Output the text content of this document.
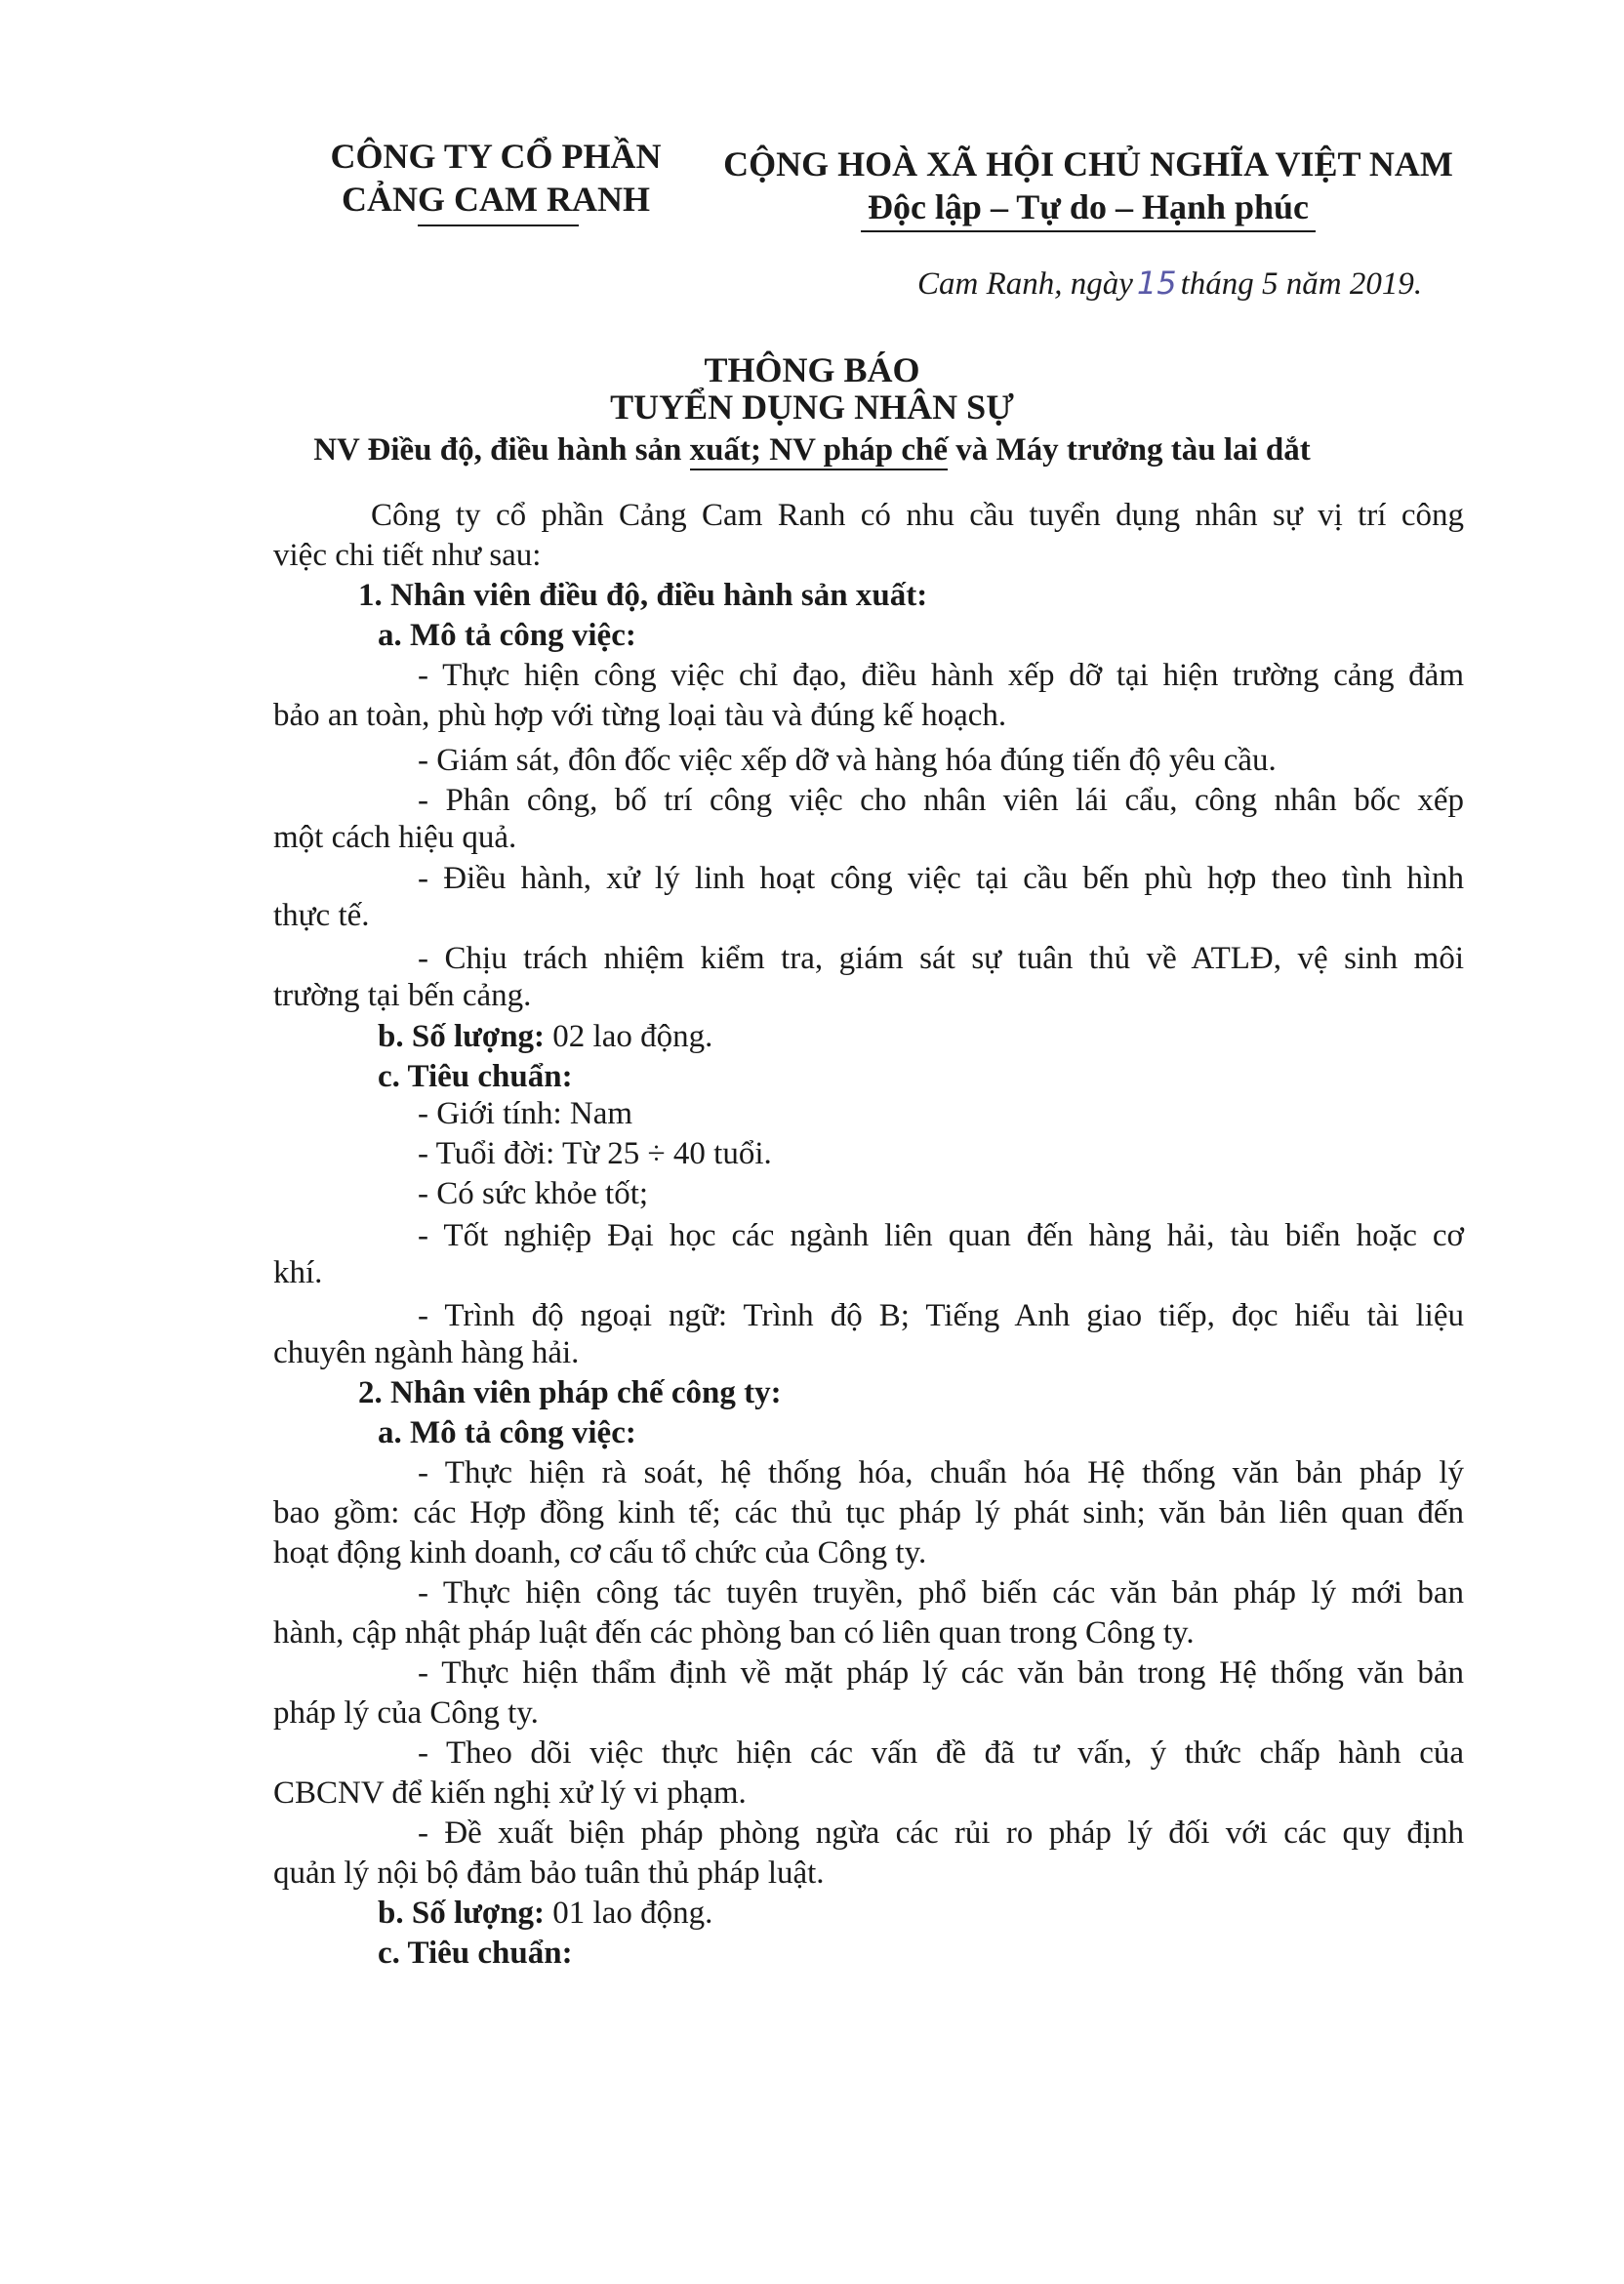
CÔNG TY CỔ PHẦN
CẢNG CAM RANH
CỘNG HOÀ XÃ HỘI CHỦ NGHĨA VIỆT NAM
Độc lập – Tự do – Hạnh phúc
Cam Ranh, ngày 15 tháng 5 năm 2019.
THÔNG BÁO
TUYỂN DỤNG NHÂN SỰ
NV Điều độ, điều hành sản xuất; NV pháp chế và Máy trưởng tàu lai dắt
Công ty cổ phần Cảng Cam Ranh có nhu cầu tuyển dụng nhân sự vị trí công
việc chi tiết như sau:
1. Nhân viên điều độ, điều hành sản xuất:
a. Mô tả công việc:
- Thực hiện công việc chỉ đạo, điều hành xếp dỡ tại hiện trường cảng đảm
bảo an toàn, phù hợp với từng loại tàu và đúng kế hoạch.
- Giám sát, đôn đốc việc xếp dỡ và hàng hóa đúng tiến độ yêu cầu.
- Phân công, bố trí công việc cho nhân viên lái cẩu, công nhân bốc xếp
một cách hiệu quả.
- Điều hành, xử lý linh hoạt công việc tại cầu bến phù hợp theo tình hình
thực tế.
- Chịu trách nhiệm kiểm tra, giám sát sự tuân thủ về ATLĐ, vệ sinh môi
trường tại bến cảng.
b. Số lượng: 02 lao động.
c. Tiêu chuẩn:
- Giới tính: Nam
- Tuổi đời: Từ 25 ÷ 40 tuổi.
- Có sức khỏe tốt;
- Tốt nghiệp Đại học các ngành liên quan đến hàng hải, tàu biển hoặc cơ
khí.
- Trình độ ngoại ngữ: Trình độ B; Tiếng Anh giao tiếp, đọc hiểu tài liệu
chuyên ngành hàng hải.
2. Nhân viên pháp chế công ty:
a. Mô tả công việc:
- Thực hiện rà soát, hệ thống hóa, chuẩn hóa Hệ thống văn bản pháp lý
bao gồm: các Hợp đồng kinh tế; các thủ tục pháp lý phát sinh; văn bản liên quan đến
hoạt động kinh doanh, cơ cấu tổ chức của Công ty.
- Thực hiện công tác tuyên truyền, phổ biến các văn bản pháp lý mới ban
hành, cập nhật pháp luật đến các phòng ban có liên quan trong Công ty.
- Thực hiện thẩm định về mặt pháp lý các văn bản trong Hệ thống văn bản
pháp lý của Công ty.
- Theo dõi việc thực hiện các vấn đề đã tư vấn, ý thức chấp hành của
CBCNV để kiến nghị xử lý vi phạm.
- Đề xuất biện pháp phòng ngừa các rủi ro pháp lý đối với các quy định
quản lý nội bộ đảm bảo tuân thủ pháp luật.
b. Số lượng: 01 lao động.
c. Tiêu chuẩn:
